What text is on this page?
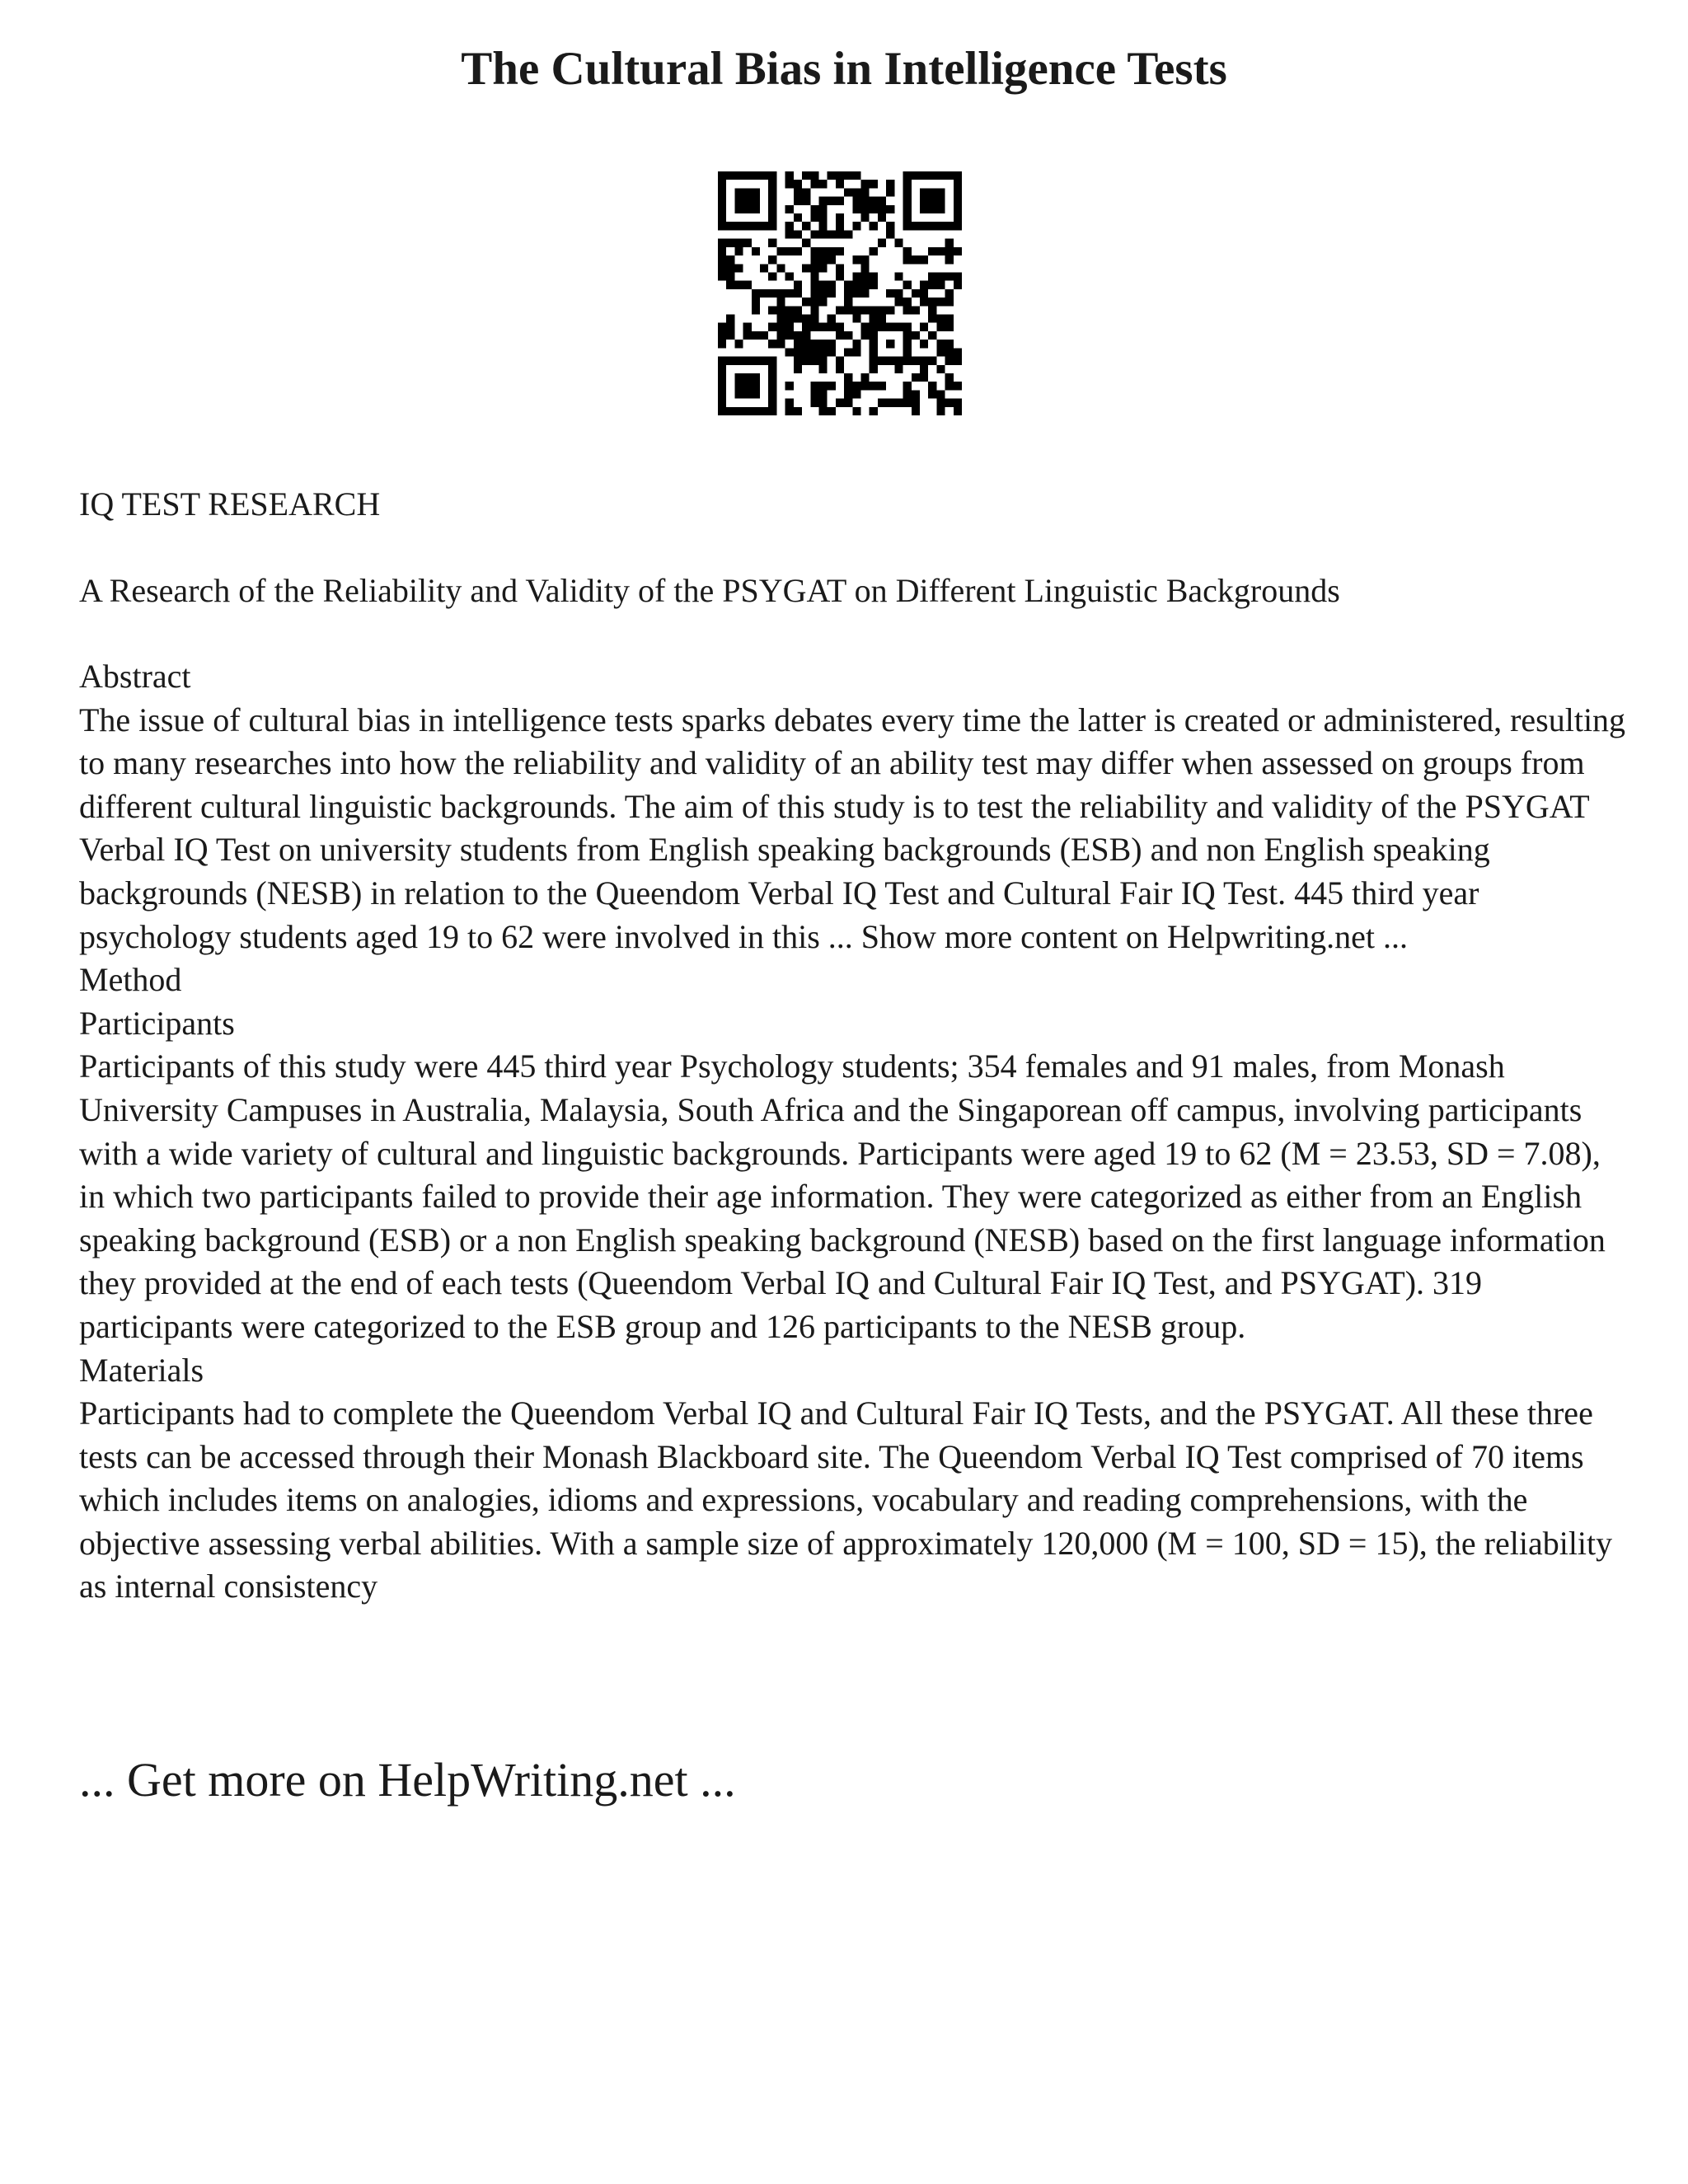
The Cultural Bias in Intelligence Tests

IQ TEST RESEARCH

A Research of the Reliability and Validity of the PSYGAT on Different Linguistic Backgrounds

Abstract

The issue of cultural bias in intelligence tests sparks debates every time the latter is created or administered, resulting to many researches into how the reliability and validity of an ability test may differ when assessed on groups from different cultural linguistic backgrounds. The aim of this study is to test the reliability and validity of the PSYGAT Verbal IQ Test on university students from English speaking backgrounds (ESB) and non English speaking backgrounds (NESB) in relation to the Queendom Verbal IQ Test and Cultural Fair IQ Test. 445 third year psychology students aged 19 to 62 were involved in this ... Show more content on Helpwriting.net ...

Method

Participants

Participants of this study were 445 third year Psychology students; 354 females and 91 males, from Monash University Campuses in Australia, Malaysia, South Africa and the Singaporean off campus, involving participants with a wide variety of cultural and linguistic backgrounds. Participants were aged 19 to 62 (M = 23.53, SD = 7.08), in which two participants failed to provide their age information. They were categorized as either from an English speaking background (ESB) or a non English speaking background (NESB) based on the first language information they provided at the end of each tests (Queendom Verbal IQ and Cultural Fair IQ Test, and PSYGAT). 319 participants were categorized to the ESB group and 126 participants to the NESB group.

Materials

Participants had to complete the Queendom Verbal IQ and Cultural Fair IQ Tests, and the PSYGAT. All these three tests can be accessed through their Monash Blackboard site. The Queendom Verbal IQ Test comprised of 70 items which includes items on analogies, idioms and expressions, vocabulary and reading comprehensions, with the objective assessing verbal abilities. With a sample size of approximately 120,000 (M = 100, SD = 15), the reliability as internal consistency

... Get more on HelpWriting.net ...
